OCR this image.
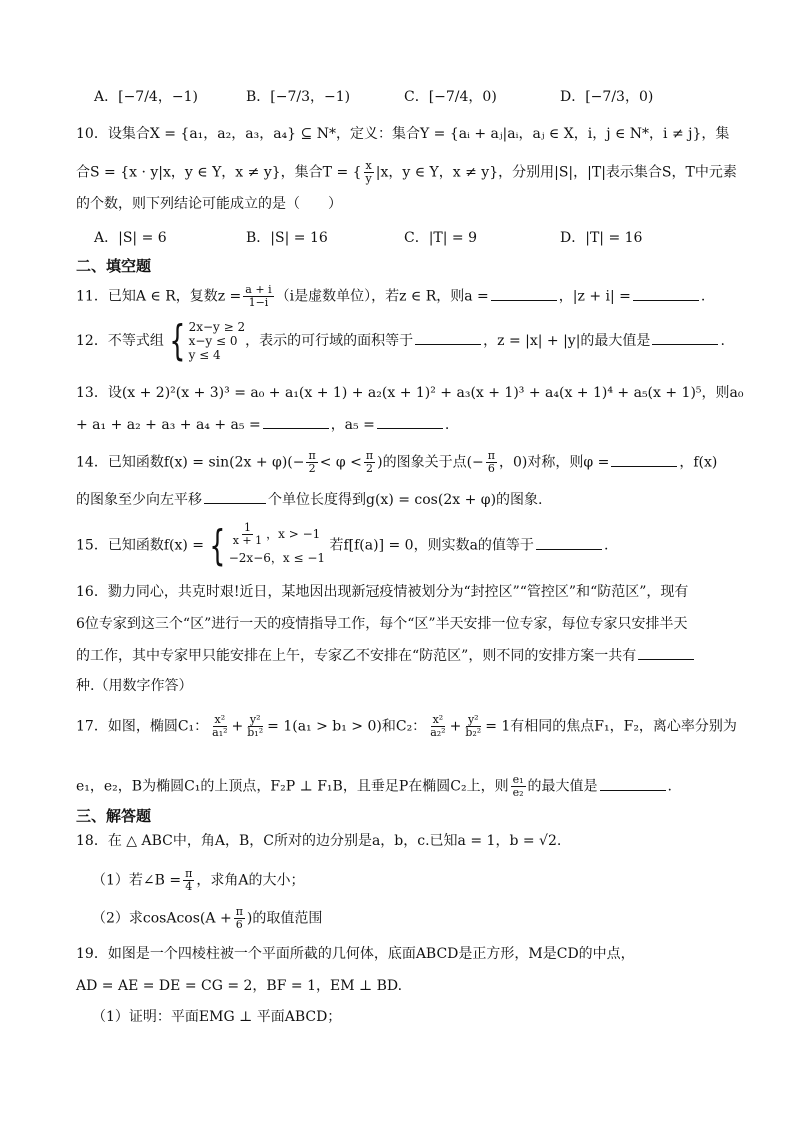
A．[−7/4，−1)	B．[−7/3，−1)	C．[−7/4，0)	D．[−7/3，0)
10．设集合X = {a₁，a₂，a₃，a₄} ⊆ N*，定义：集合Y = {aᵢ + aⱼ|aᵢ，aⱼ ∈ X，i，j ∈ N*，i ≠ j}，集
合S = {x · y|x，y ∈ Y，x ≠ y}，集合T = { $\frac{x}{y} |x$，y ∈ Y，x ≠ y}，分别用|S|，|T|表示集合S，T中元素
的个数，则下列结论可能成立的是（　　）
A．|S| = 6	B．|S| = 16	C．|T| = 9	D．|T| = 16
二、填空题
11．已知A ∈ R，复数$z = \frac{a + i}{1-i} (i$是虚数单位），若z ∈ R，则a =	，|z + i| =	.
12．不等式组 { 2x−y ≥ 2
x−y ≤ 0
y ≤ 4
，表示的可行域的面积等于	，z = |x| + |y|的最大值是	.
13．设(x + 2)²(x + 3)³ = a₀ + a₁(x + 1) + a₂(x + 1)² + a₃(x + 1)³ + a₄(x + 1)⁴ + a₅(x + 1)⁵，则a₀
+ a₁ + a₂ + a₃ + a₄ + a₅ =	，a₅ =	.
14．已知函数$f(x) = \sin(2x + \varphi)(- \frac{\pi}{2} < \varphi < \frac{\pi}{2}$ )的图象关于点(− $\frac{\pi}{6}$ ，0)对称，则φ =	，f(x)
的图象至少向左平移	个单位长度得到g(x) = cos(2x + φ)的图象.
15．已知函数f(x) = { $\frac{1}{x + 1}$ ，x > −1
−2x−6，x ≤ −1
若f[f(a)] = 0，则实数a的值等于	.
16．勠力同心，共克时艰!近日，某地因出现新冠疫情被划分为“封控区”“管控区”和“防范区”，现有
6位专家到这三个“区”进行一天的疫情指导工作，每个“区”半天安排一位专家，每位专家只安排半天
的工作，其中专家甲只能安排在上午，专家乙不安排在“防范区”，则不同的安排方案一共有
种.（用数字作答）
17．如图，椭圆C₁： $\frac{\text{x²}}{\text{a₁²}} + \frac{\text{y²}}{\text{b₁²}} = 1(a_1 > b_1 > 0)$和C₂： $\frac{\text{x²}}{\text{a₂²}} + \frac{\text{y²}}{\text{b₂²}} = 1$有相同的焦点F₁，F₂，离心率分别为
e₁，e₂，B为椭圆C₁的上顶点，F₂P ⊥ F₁B，且垂足P在椭圆C₂上，则 $\frac{\text{e₁}}{\text{e₂}}$ 的最大值是	.
三、解答题
18．在 △ ABC中，角A，B，C所对的边分别是a，b，c.已知a = 1，b = √2.
（1）若∠B = $\frac{\pi}{4}$ ，求角A的大小；
（2）求cosAcos(A + $\frac{\pi}{6}$ )的取值范围
19．如图是一个四棱柱被一个平面所截的几何体，底面ABCD是正方形，M是CD的中点，
AD = AE = DE = CG = 2，BF = 1，EM ⊥ BD.
（1）证明：平面EMG ⊥ 平面ABCD；
